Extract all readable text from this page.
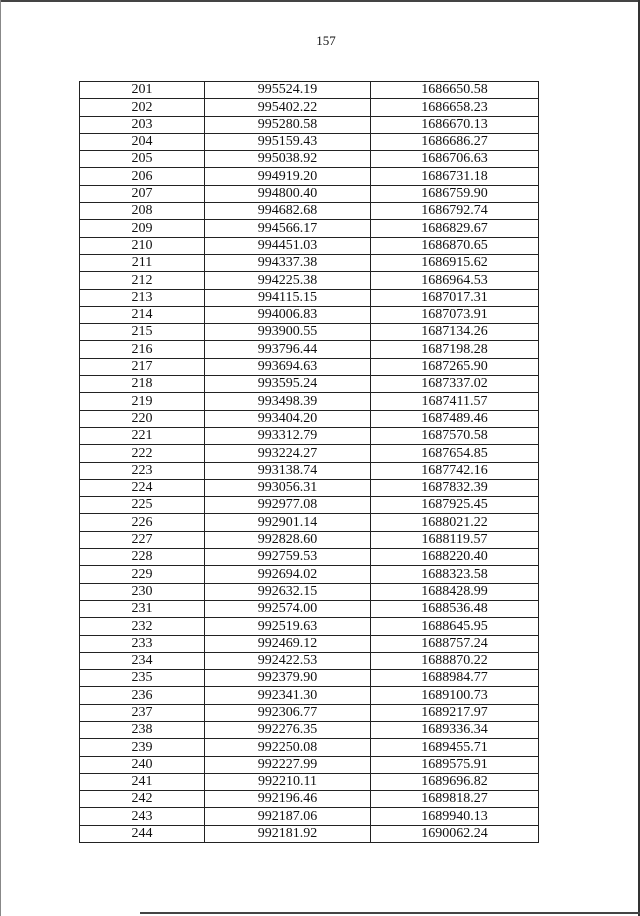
157
201	995524.19	1686650.58
202	995402.22	1686658.23
203	995280.58	1686670.13
204	995159.43	1686686.27
205	995038.92	1686706.63
206	994919.20	1686731.18
207	994800.40	1686759.90
208	994682.68	1686792.74
209	994566.17	1686829.67
210	994451.03	1686870.65
211	994337.38	1686915.62
212	994225.38	1686964.53
213	994115.15	1687017.31
214	994006.83	1687073.91
215	993900.55	1687134.26
216	993796.44	1687198.28
217	993694.63	1687265.90
218	993595.24	1687337.02
219	993498.39	1687411.57
220	993404.20	1687489.46
221	993312.79	1687570.58
222	993224.27	1687654.85
223	993138.74	1687742.16
224	993056.31	1687832.39
225	992977.08	1687925.45
226	992901.14	1688021.22
227	992828.60	1688119.57
228	992759.53	1688220.40
229	992694.02	1688323.58
230	992632.15	1688428.99
231	992574.00	1688536.48
232	992519.63	1688645.95
233	992469.12	1688757.24
234	992422.53	1688870.22
235	992379.90	1688984.77
236	992341.30	1689100.73
237	992306.77	1689217.97
238	992276.35	1689336.34
239	992250.08	1689455.71
240	992227.99	1689575.91
241	992210.11	1689696.82
242	992196.46	1689818.27
243	992187.06	1689940.13
244	992181.92	1690062.24
